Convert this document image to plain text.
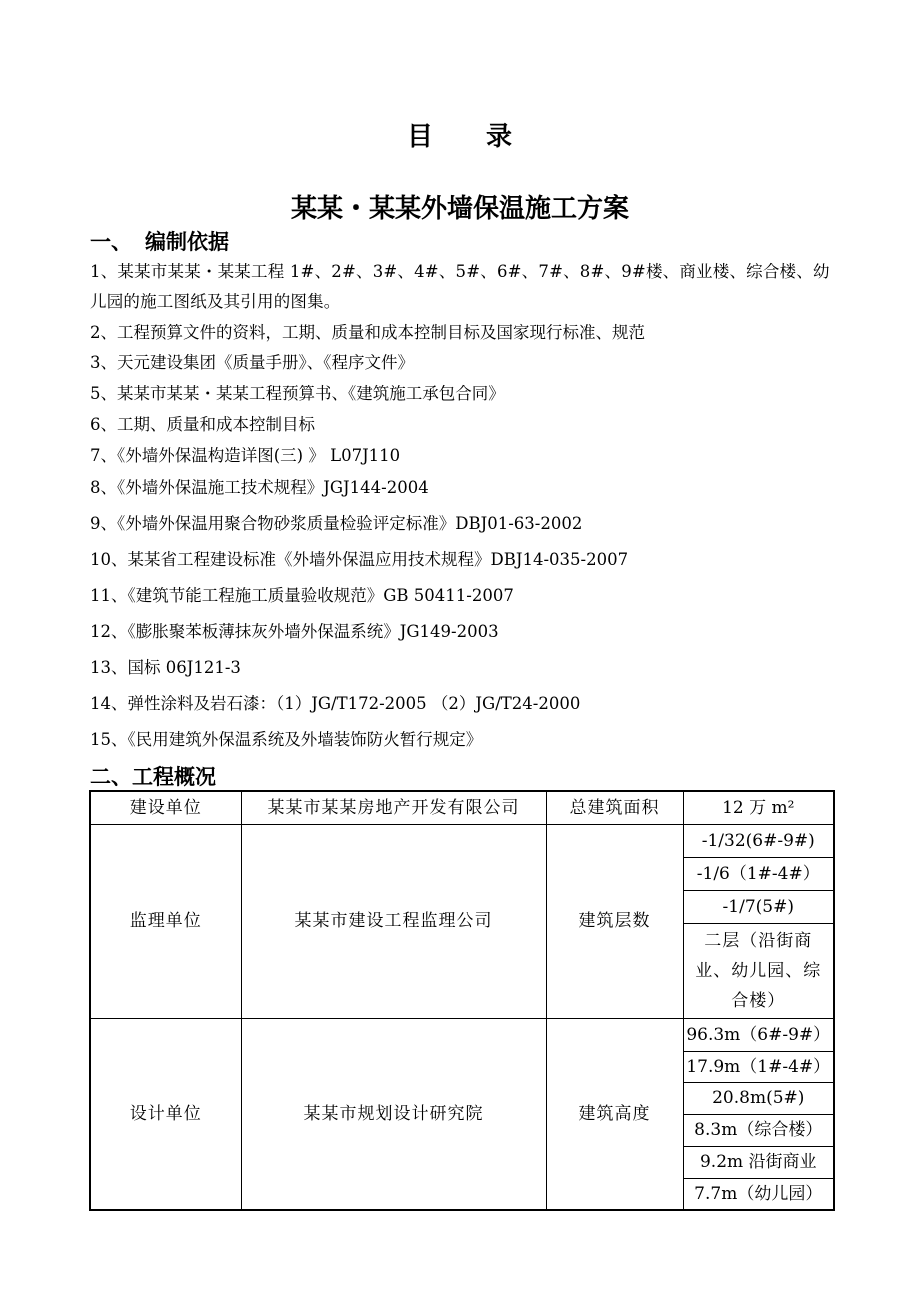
目 录
某某・某某外墙保温施工方案
一、 编制依据
1、某某市某某・某某工程 1#、2#、3#、4#、5#、6#、7#、8#、9#楼、商业楼、综合楼、幼儿园的施工图纸及其引用的图集。
2、工程预算文件的资料，工期、质量和成本控制目标及国家现行标准、规范
3、天元建设集团《质量手册》、《程序文件》
5、某某市某某・某某工程预算书、《建筑施工承包合同》
6、工期、质量和成本控制目标
7、《外墙外保温构造详图(三) 》 L07J110
8、《外墙外保温施工技术规程》JGJ144-2004
9、《外墙外保温用聚合物砂浆质量检验评定标准》DBJ01-63-2002
10、某某省工程建设标准《外墙外保温应用技术规程》DBJ14-035-2007
11、《建筑节能工程施工质量验收规范》GB 50411-2007
12、《膨胀聚苯板薄抹灰外墙外保温系统》JG149-2003
13、国标 06J121-3
14、弹性涂料及岩石漆：（1）JG/T172-2005 （2）JG/T24-2000
15、《民用建筑外保温系统及外墙装饰防火暂行规定》
二、工程概况
建设单位	某某市某某房地产开发有限公司	总建筑面积	12 万 m²
监理单位	某某市建设工程监理公司	建筑层数	-1/32(6#-9#)
			-1/6（1#-4#）
			-1/7(5#)
			二层（沿街商业、幼儿园、综合楼）
设计单位	某某市规划设计研究院	建筑高度	96.3m（6#-9#）
			17.9m（1#-4#）
			20.8m(5#)
			8.3m（综合楼）
			9.2m 沿街商业
			7.7m（幼儿园）
